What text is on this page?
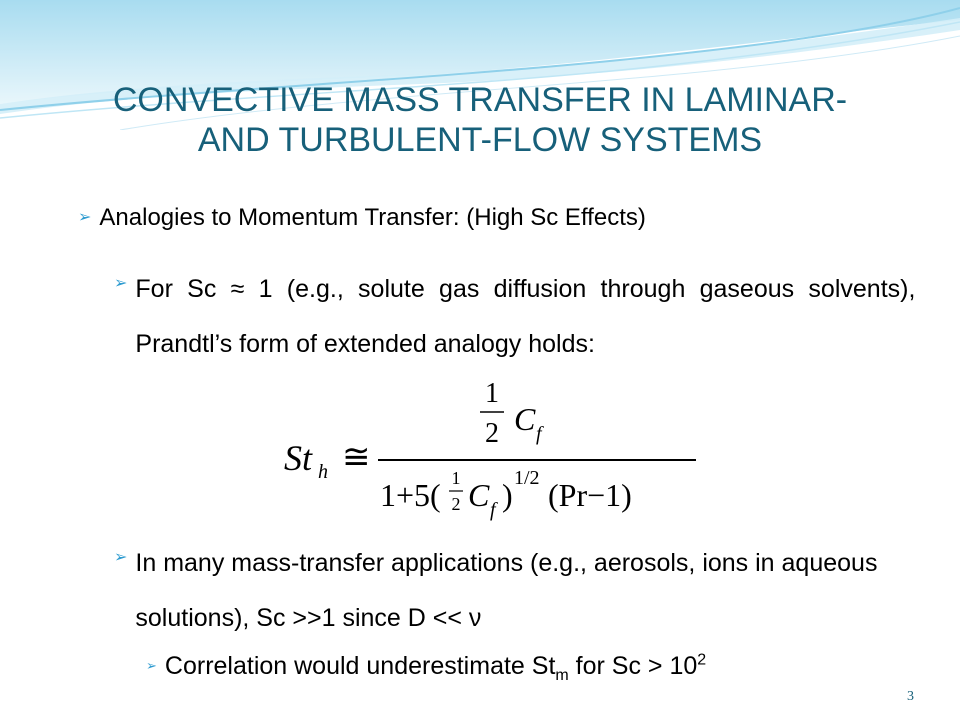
CONVECTIVE MASS TRANSFER IN LAMINAR-
AND TURBULENT-FLOW SYSTEMS
➢ Analogies to Momentum Transfer: (High Sc Effects)
➢ For Sc ≈ 1 (e.g., solute gas diffusion through gaseous solvents), Prandtl’s form of extended analogy holds:
St h ≅
1
2 C f
1+5( 1
2 C f ) 1/2 (Pr−1)
➢ In many mass-transfer applications (e.g., aerosols, ions in aqueous solutions), Sc >>1 since D << ν
➢ Correlation would underestimate $St_m$ for $Sc > 10^2$
3
